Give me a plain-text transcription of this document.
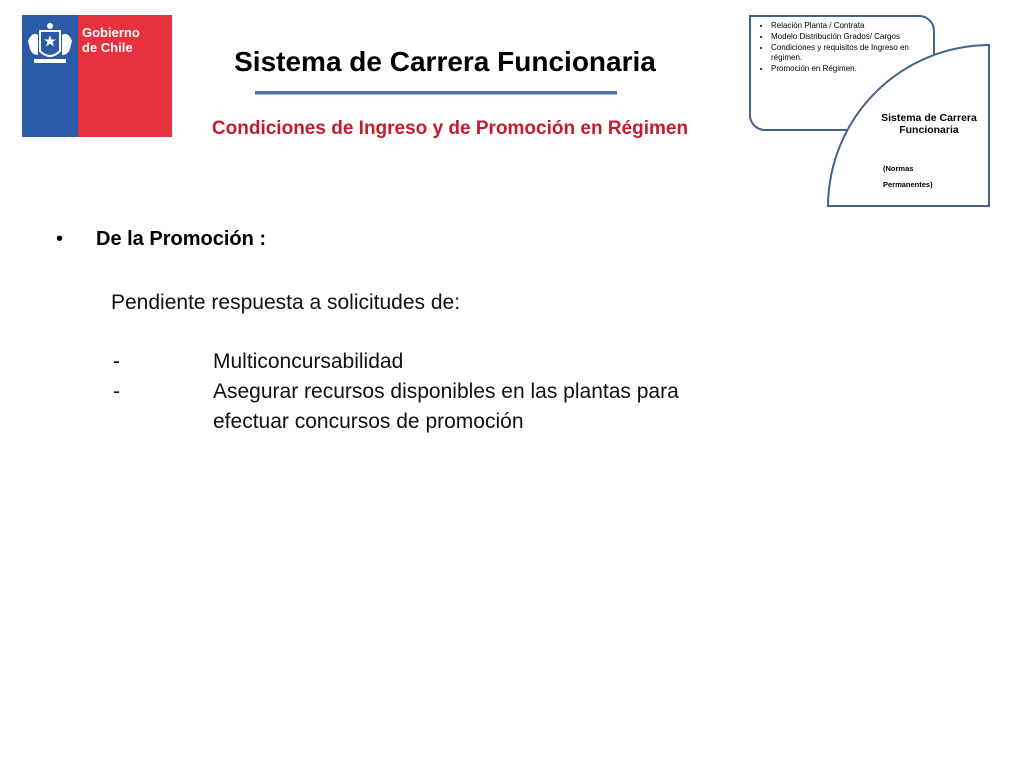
Gobierno
de Chile	Sistema de Carrera Funcionaria
Condiciones de Ingreso y de Promoción en Régimen
• Relación Planta / Contrata
• Modelo Distribución Grados/ Cargos
• Condiciones y requisitos de Ingreso en régimen.
• Promoción en Régimen.
Sistema de Carrera Funcionaria
(Normas
Permanentes)
• De la Promoción :
Pendiente respuesta a solicitudes de:
-	Multiconcursabilidad
-	Asegurar recursos disponibles en las plantas para
efectuar concursos de promoción
